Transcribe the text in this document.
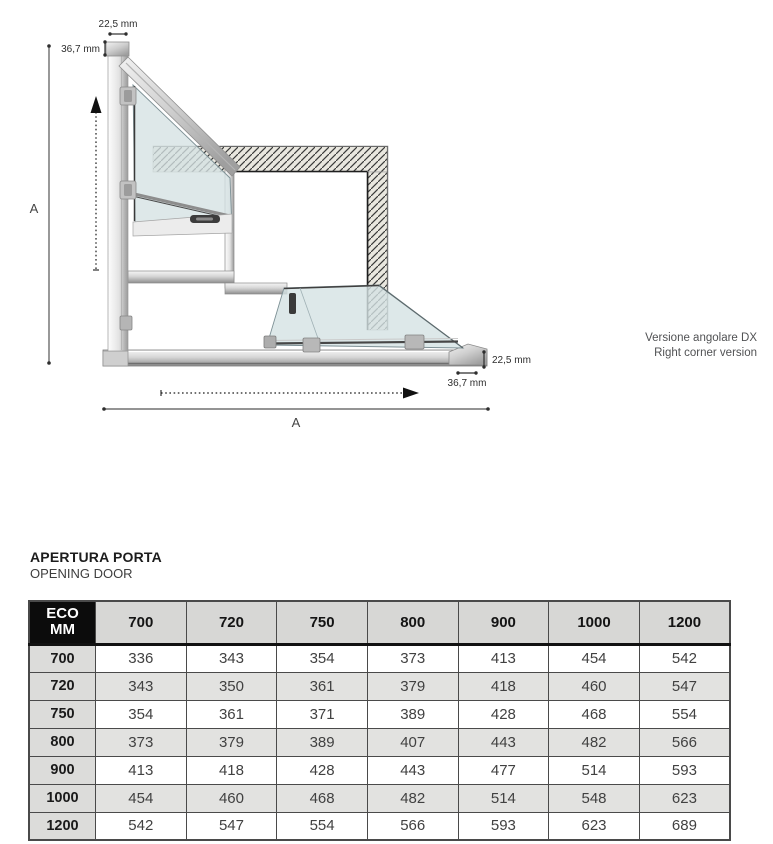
22,5 mm
36,7 mm
A
22,5 mm
36,7 mm
A
Versione angolare DX
Right corner version
APERTURA PORTA
OPENING DOOR
ECO
MM	700	720	750	800	900	1000	1200
700	336	343	354	373	413	454	542
720	343	350	361	379	418	460	547
750	354	361	371	389	428	468	554
800	373	379	389	407	443	482	566
900	413	418	428	443	477	514	593
1000	454	460	468	482	514	548	623
1200	542	547	554	566	593	623	689
